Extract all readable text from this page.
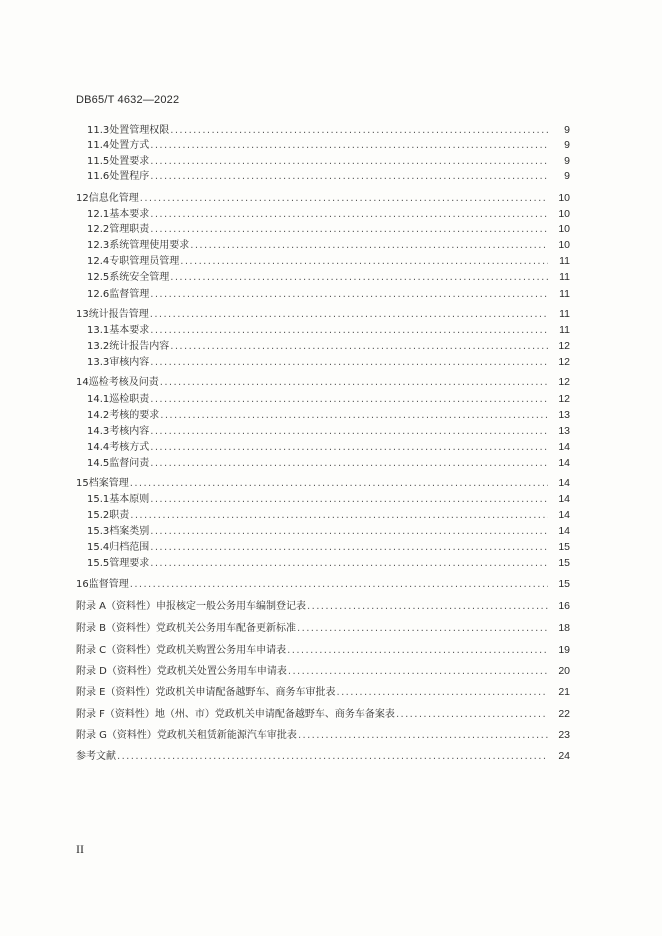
DB65/T 4632—2022
11.3 处置管理权限 .....	9
11.4 处置方式 .....	9
11.5 处置要求 .....	9
11.6 处置程序 .....	9
12 信息化管理 .....	10
12.1 基本要求 .....	10
12.2 管理职责 .....	10
12.3 系统管理使用要求 .....	10
12.4 专职管理员管理 .....	11
12.5 系统安全管理 .....	11
12.6 监督管理 .....	11
13 统计报告管理 .....	11
13.1 基本要求 .....	11
13.2 统计报告内容 .....	12
13.3 审核内容 .....	12
14 巡检考核及问责 .....	12
14.1 巡检职责 .....	12
14.2 考核的要求 .....	13
14.3 考核内容 .....	13
14.4 考核方式 .....	14
14.5 监督问责 .....	14
15 档案管理 .....	14
15.1 基本原则 .....	14
15.2 职责 .....	14
15.3 档案类别 .....	14
15.4 归档范围 .....	15
15.5 管理要求 .....	15
16 监督管理 .....	15
附录 A（资料性） 申报核定一般公务用车编制登记表 .....	16
附录 B（资料性） 党政机关公务用车配备更新标准 .....	18
附录 C（资料性） 党政机关购置公务用车申请表 .....	19
附录 D（资料性） 党政机关处置公务用车申请表 .....	20
附录 E（资料性） 党政机关申请配备越野车、商务车审批表 .....	21
附录 F（资料性） 地（州、市）党政机关申请配备越野车、商务车备案表 .....	22
附录 G（资料性） 党政机关租赁新能源汽车审批表 .....	23
参考文献 .....	24
II
